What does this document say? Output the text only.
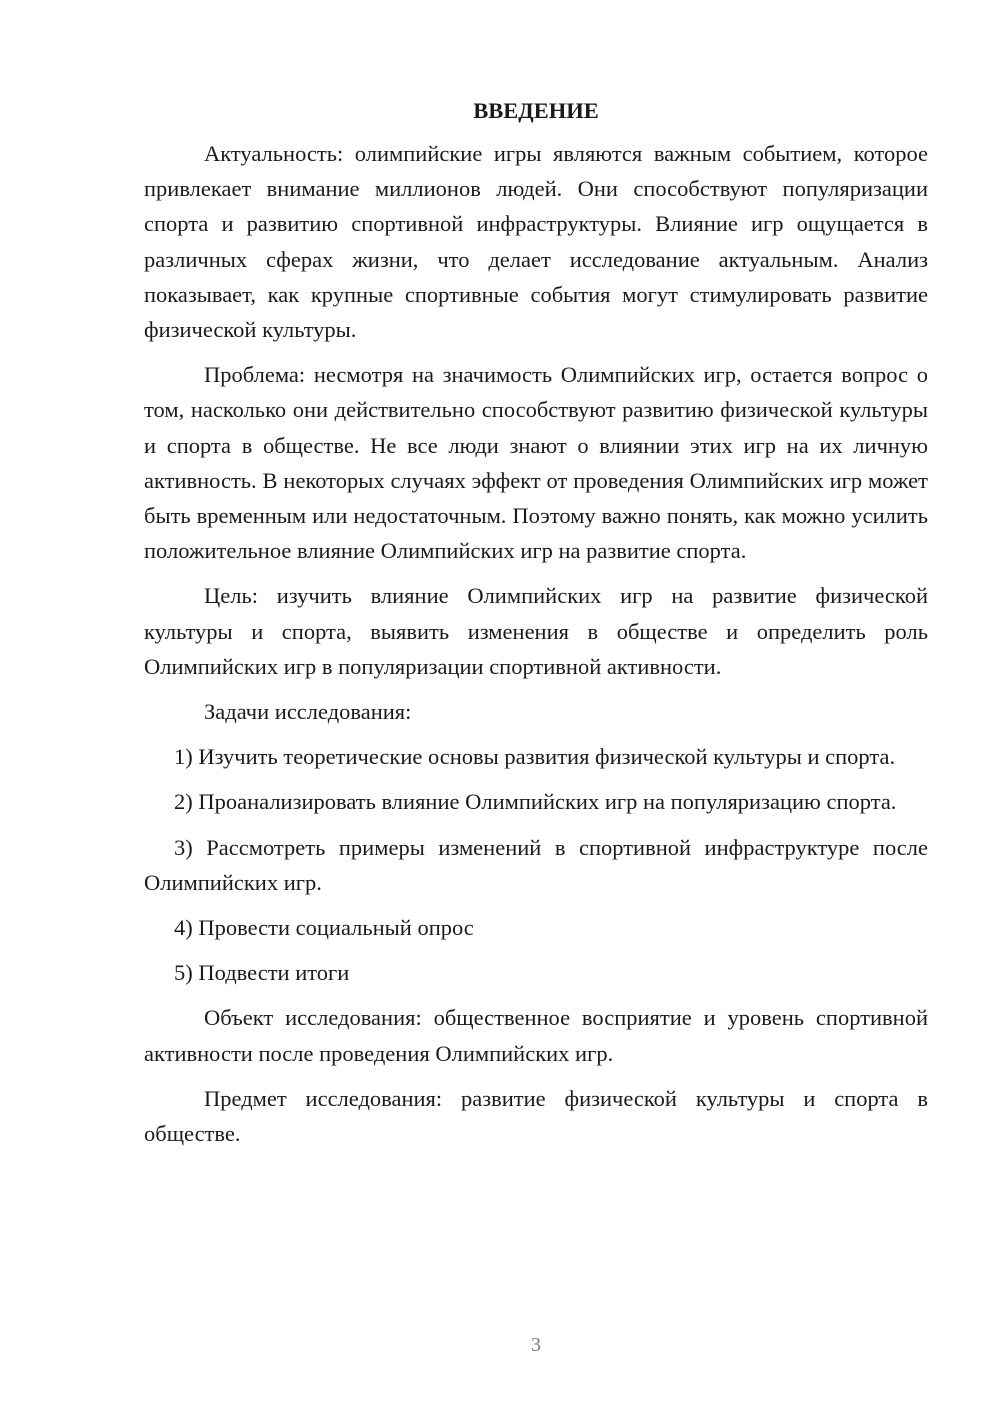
ВВЕДЕНИЕ

Актуальность: олимпийские игры являются важным событием, которое привлекает внимание миллионов людей. Они способствуют популяризации спорта и развитию спортивной инфраструктуры. Влияние игр ощущается в различных сферах жизни, что делает исследование актуальным. Анализ показывает, как крупные спортивные события могут стимулировать развитие физической культуры.

Проблема: несмотря на значимость Олимпийских игр, остается вопрос о том, насколько они действительно способствуют развитию физической культуры и спорта в обществе. Не все люди знают о влиянии этих игр на их личную активность. В некоторых случаях эффект от проведения Олимпийских игр может быть временным или недостаточным. Поэтому важно понять, как можно усилить положительное влияние Олимпийских игр на развитие спорта.

Цель: изучить влияние Олимпийских игр на развитие физической культуры и спорта, выявить изменения в обществе и определить роль Олимпийских игр в популяризации спортивной активности.

Задачи исследования:

1) Изучить теоретические основы развития физической культуры и спорта.

2) Проанализировать влияние Олимпийских игр на популяризацию спорта.

3) Рассмотреть примеры изменений в спортивной инфраструктуре после Олимпийских игр.

4) Провести социальный опрос

5) Подвести итоги

Объект исследования: общественное восприятие и уровень спортивной активности после проведения Олимпийских игр.

Предмет исследования: развитие физической культуры и спорта в обществе.

3
